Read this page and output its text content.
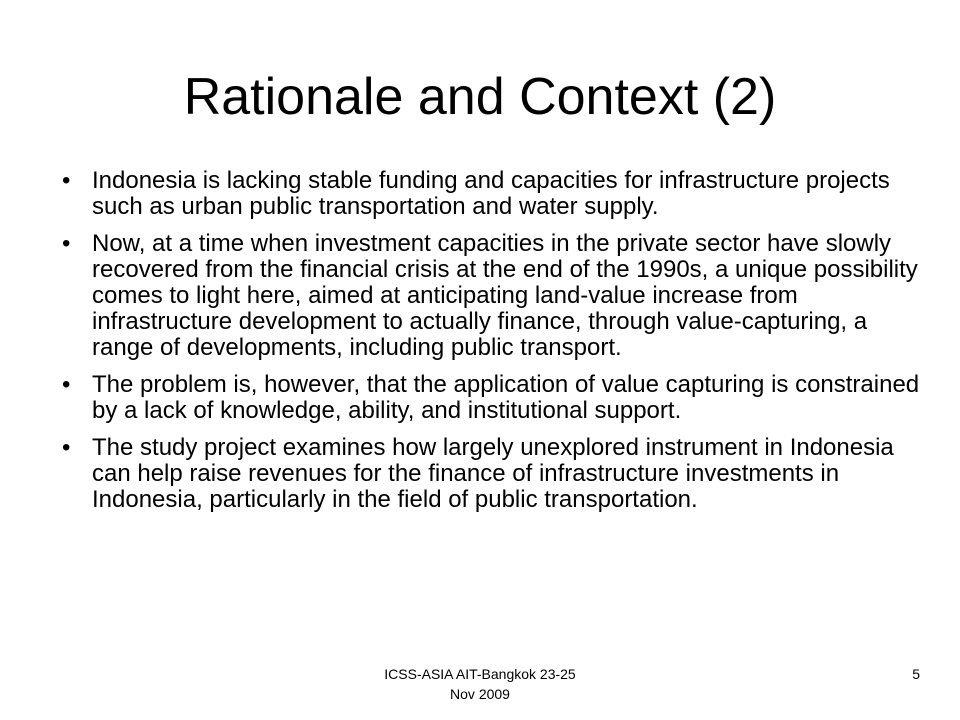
Rationale and Context (2)
• Indonesia is lacking stable funding and capacities for infrastructure projects such as urban public transportation and water supply.
• Now, at a time when investment capacities in the private sector have slowly recovered from the financial crisis at the end of the 1990s, a unique possibility comes to light here, aimed at anticipating land-value increase from infrastructure development to actually finance, through value-capturing, a range of developments, including public transport.
• The problem is, however, that the application of value capturing is constrained by a lack of knowledge, ability, and institutional support.
• The study project examines how largely unexplored instrument in Indonesia can help raise revenues for the finance of infrastructure investments in Indonesia, particularly in the field of public transportation.
ICSS-ASIA AIT-Bangkok 23-25
Nov 2009
5
